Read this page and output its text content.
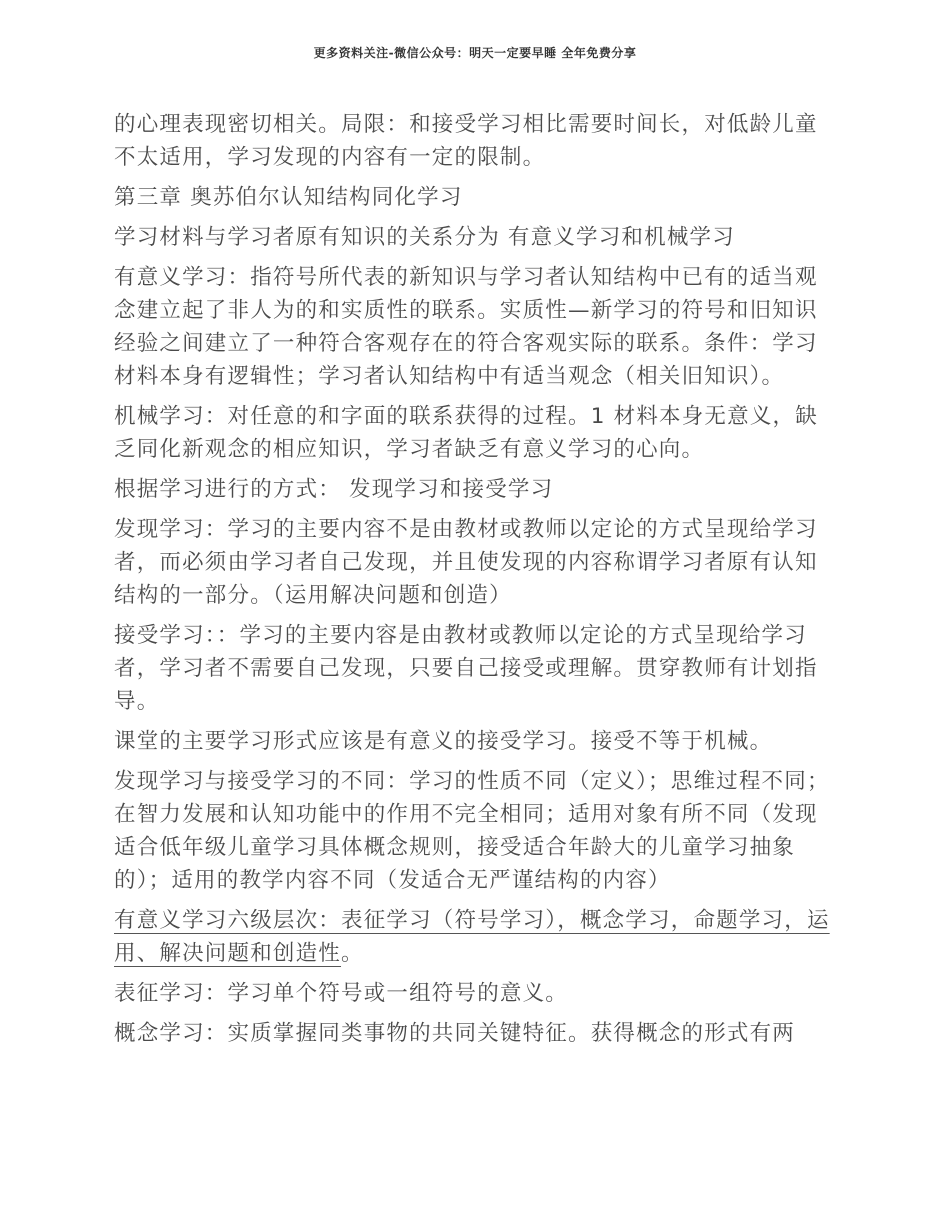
更多资料关注-微信公众号：明天一定要早睡 全年免费分享

的心理表现密切相关。局限：和接受学习相比需要时间长，对低龄儿童不太适用，学习发现的内容有一定的限制。

第三章 奥苏伯尔认知结构同化学习

学习材料与学习者原有知识的关系分为 有意义学习和机械学习

有意义学习：指符号所代表的新知识与学习者认知结构中已有的适当观念建立起了非人为的和实质性的联系。实质性—新学习的符号和旧知识经验之间建立了一种符合客观存在的符合客观实际的联系。条件：学习材料本身有逻辑性；学习者认知结构中有适当观念（相关旧知识）。

机械学习：对任意的和字面的联系获得的过程。1 材料本身无意义，缺乏同化新观念的相应知识，学习者缺乏有意义学习的心向。

根据学习进行的方式： 发现学习和接受学习

发现学习：学习的主要内容不是由教材或教师以定论的方式呈现给学习者，而必须由学习者自己发现，并且使发现的内容称谓学习者原有认知结构的一部分。（运用解决问题和创造）

接受学习：：学习的主要内容是由教材或教师以定论的方式呈现给学习者，学习者不需要自己发现，只要自己接受或理解。贯穿教师有计划指导。

课堂的主要学习形式应该是有意义的接受学习。接受不等于机械。

发现学习与接受学习的不同：学习的性质不同（定义）；思维过程不同；在智力发展和认知功能中的作用不完全相同；适用对象有所不同（发现适合低年级儿童学习具体概念规则，接受适合年龄大的儿童学习抽象的）；适用的教学内容不同（发适合无严谨结构的内容）

有意义学习六级层次：表征学习（符号学习），概念学习，命题学习，运用、解决问题和创造性。

表征学习：学习单个符号或一组符号的意义。

概念学习：实质掌握同类事物的共同关键特征。获得概念的形式有两
